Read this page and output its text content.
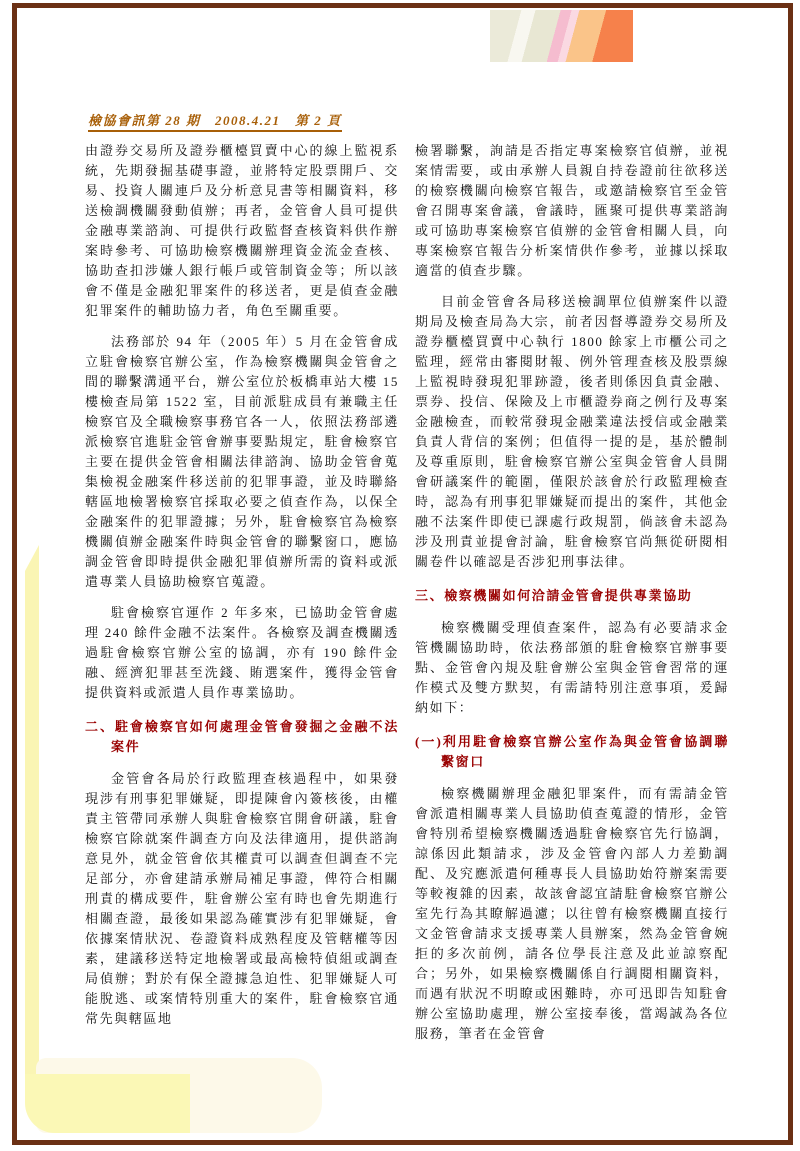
檢協會訊第 28 期　2008.4.21　第 2 頁

由證券交易所及證券櫃檯買賣中心的線上監視系統，先期發掘基礎事證，並將特定股票開戶、交易、投資人關連戶及分析意見書等相關資料，移送檢調機關發動偵辦；再者，金管會人員可提供金融專業諮詢、可提供行政監督查核資料供作辦案時參考、可協助檢察機關辦理資金流金查核、協助查扣涉嫌人銀行帳戶或管制資金等；所以該會不僅是金融犯罪案件的移送者，更是偵查金融犯罪案件的輔助協力者，角色至關重要。

法務部於 94 年（2005 年）5 月在金管會成立駐會檢察官辦公室，作為檢察機關與金管會之間的聯繫溝通平台，辦公室位於板橋車站大樓 15 樓檢查局第 1522 室，目前派駐成員有兼職主任檢察官及全職檢察事務官各一人，依照法務部遴派檢察官進駐金管會辦事要點規定，駐會檢察官主要在提供金管會相關法律諮詢、協助金管會蒐集檢視金融案件移送前的犯罪事證，並及時聯絡轄區地檢署檢察官採取必要之偵查作為，以保全金融案件的犯罪證據；另外，駐會檢察官為檢察機關偵辦金融案件時與金管會的聯繫窗口，應協調金管會即時提供金融犯罪偵辦所需的資料或派遣專業人員協助檢察官蒐證。

駐會檢察官運作 2 年多來，已協助金管會處理 240 餘件金融不法案件。各檢察及調查機關透過駐會檢察官辦公室的協調，亦有 190 餘件金融、經濟犯罪甚至洗錢、賄選案件，獲得金管會提供資料或派遣人員作專業協助。

二、駐會檢察官如何處理金管會發掘之金融不法案件

金管會各局於行政監理查核過程中，如果發現涉有刑事犯罪嫌疑，即提陳會內簽核後，由權責主管帶同承辦人與駐會檢察官開會研議，駐會檢察官除就案件調查方向及法律適用，提供諮詢意見外，就金管會依其權責可以調查但調查不完足部分，亦會建請承辦局補足事證，俾符合相關刑責的構成要件，駐會辦公室有時也會先期進行相關查證，最後如果認為確實涉有犯罪嫌疑，會依據案情狀況、卷證資料成熟程度及管轄權等因素，建議移送特定地檢署或最高檢特偵組或調查局偵辦；對於有保全證據急迫性、犯罪嫌疑人可能脫逃、或案情特別重大的案件，駐會檢察官通常先與轄區地

檢署聯繫，詢請是否指定專案檢察官偵辦，並視案情需要，或由承辦人員親自持卷證前往欲移送的檢察機關向檢察官報告，或邀請檢察官至金管會召開專案會議，會議時，匯聚可提供專業諮詢或可協助專案檢察官偵辦的金管會相關人員，向專案檢察官報告分析案情供作參考，並據以採取適當的偵查步驟。

目前金管會各局移送檢調單位偵辦案件以證期局及檢查局為大宗，前者因督導證券交易所及證券櫃檯買賣中心執行 1800 餘家上市櫃公司之監理，經常由審閱財報、例外管理查核及股票線上監視時發現犯罪跡證，後者則係因負責金融、票券、投信、保險及上市櫃證券商之例行及專案金融檢查，而較常發現金融業違法授信或金融業負責人背信的案例；但值得一提的是，基於體制及尊重原則，駐會檢察官辦公室與金管會人員開會研議案件的範圍，僅限於該會於行政監理檢查時，認為有刑事犯罪嫌疑而提出的案件，其他金融不法案件即使已課處行政規罰，倘該會未認為涉及刑責並提會討論，駐會檢察官尚無從研閱相關卷件以確認是否涉犯刑事法律。

三、檢察機關如何洽請金管會提供專業協助

檢察機關受理偵查案件，認為有必要請求金管機關協助時，依法務部頒的駐會檢察官辦事要點、金管會內規及駐會辦公室與金管會習常的運作模式及雙方默契，有需請特別注意事項，爰歸納如下：

(一)利用駐會檢察官辦公室作為與金管會協調聯繫窗口

檢察機關辦理金融犯罪案件，而有需請金管會派遣相關專業人員協助偵查蒐證的情形，金管會特別希望檢察機關透過駐會檢察官先行協調，諒係因此類請求，涉及金管會內部人力差勤調配、及究應派遣何種專長人員協助始符辦案需要等較複雜的因素，故該會認宜請駐會檢察官辦公室先行為其瞭解過濾；以往曾有檢察機關直接行文金管會請求支援專業人員辦案，然為金管會婉拒的多次前例，請各位學長注意及此並諒察配合；另外，如果檢察機關係自行調閱相關資料，而遇有狀況不明瞭或困難時，亦可迅即告知駐會辦公室協助處理，辦公室接奉後，當竭誠為各位服務，筆者在金管會
